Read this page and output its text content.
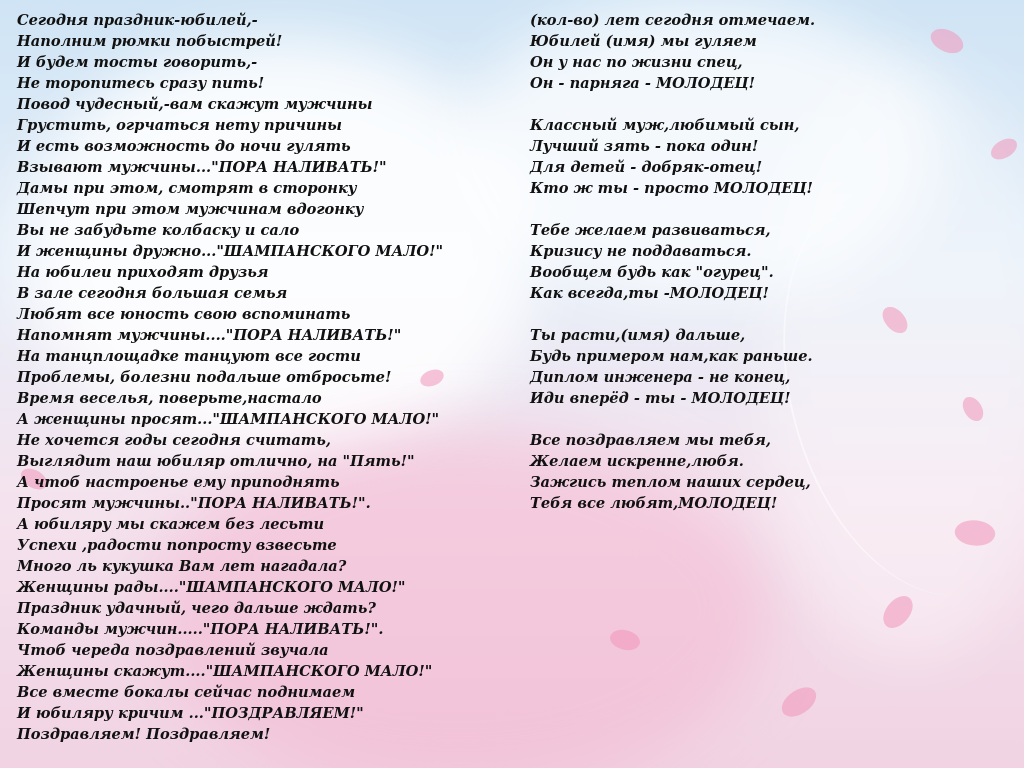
Сегодня праздник-юбилей,-
Наполним рюмки побыстрей!
И будем тосты говорить,-
Не торопитесь сразу пить!
Повод чудесный,-вам скажут мужчины
Грустить, огрчаться нету причины
И есть возможность до ночи гулять
Взывают мужчины..."ПОРА НАЛИВАТЬ!"
Дамы при этом, смотрят в сторонку
Шепчут при этом мужчинам вдогонку
Вы не забудьте колбаску и сало
И женщины дружно..."ШАМПАНСКОГО МАЛО!"
На юбилеи приходят друзья
В зале сегодня большая семья
Любят все юность свою вспоминать
Напомнят мужчины...."ПОРА НАЛИВАТЬ!"
На танцплощадке танцуют все гости
Проблемы, болезни подальше отбросьте!
Время веселья, поверьте,настало
А женщины просят..."ШАМПАНСКОГО МАЛО!"
Не хочется годы сегодня считать,
Выглядит наш юбиляр отлично, на "Пять!"
А чтоб настроенье ему приподнять
Просят мужчины.."ПОРА НАЛИВАТЬ!".
А юбиляру мы скажем без лесьти
Успехи ,радости попросту взвесьте
Много ль кукушка Вам лет нагадала?
Женщины рады...."ШАМПАНСКОГО МАЛО!"
Праздник удачный, чего дальше ждать?
Команды мужчин....."ПОРА НАЛИВАТЬ!".
Чтоб череда поздравлений звучала
Женщины скажут...."ШАМПАНСКОГО МАЛО!"
Все вместе бокалы сейчас поднимаем
И юбиляру кричим ..."ПОЗДРАВЛЯЕМ!"
Поздравляем! Поздравляем!
(кол-во) лет сегодня отмечаем.
Юбилей (имя) мы гуляем
Он у нас по жизни спец,
Он - парняга - МОЛОДЕЦ!
Классный муж,любимый сын,
Лучший зять - пока один!
Для детей - добряк-отец!
Кто ж ты - просто МОЛОДЕЦ!
Тебе желаем развиваться,
Кризису не поддаваться.
Вообщем будь как "огурец".
Как всегда,ты -МОЛОДЕЦ!
Ты расти,(имя) дальше,
Будь примером нам,как раньше.
Диплом инженера - не конец,
Иди вперёд - ты - МОЛОДЕЦ!
Все поздравляем мы тебя,
Желаем искренне,любя.
Зажгись теплом наших сердец,
Тебя все любят,МОЛОДЕЦ!
